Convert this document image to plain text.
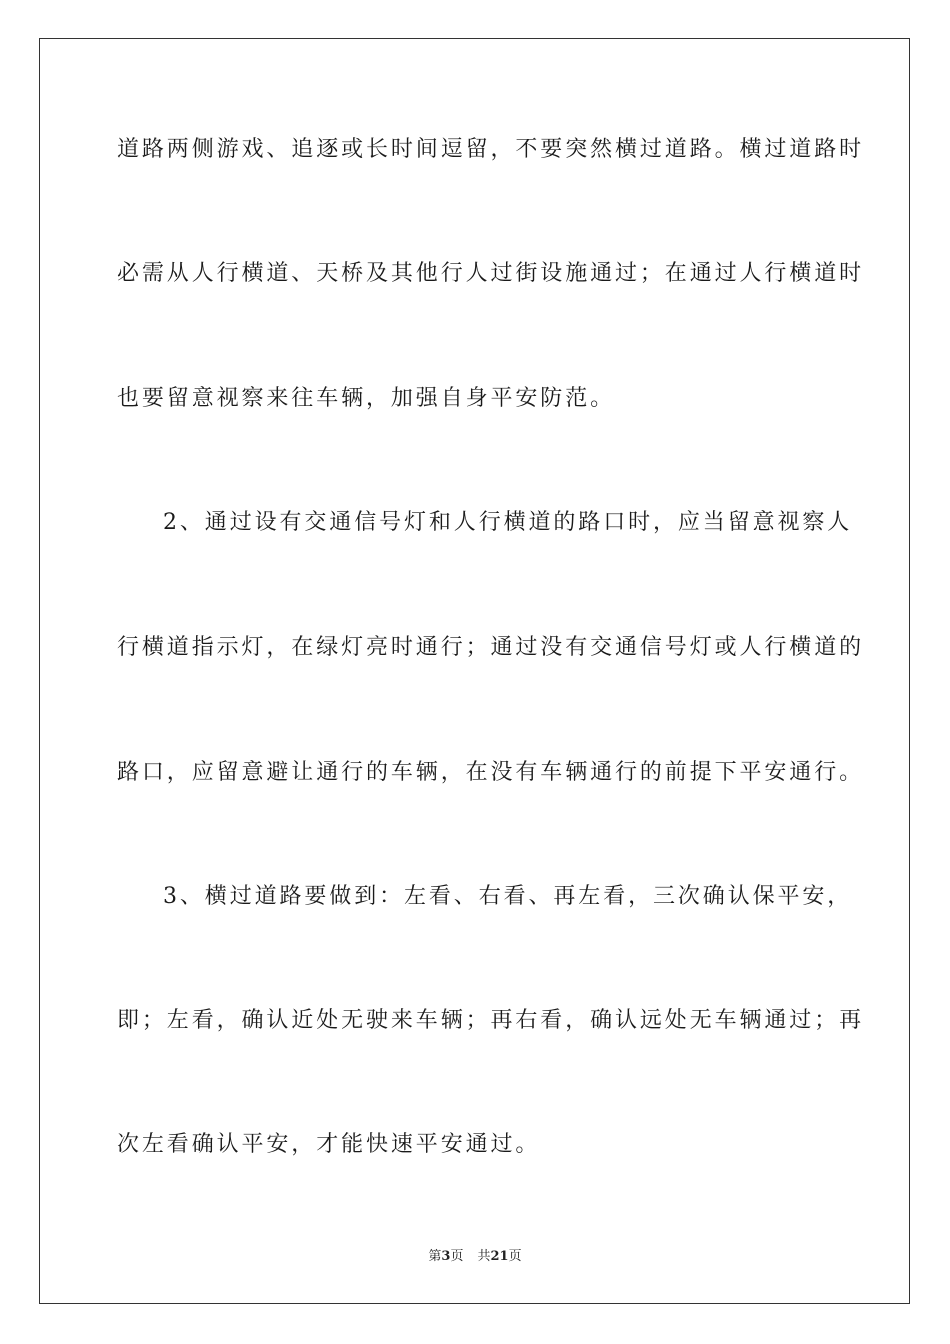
道路两侧游戏、追逐或长时间逗留，不要突然横过道路。横过道路时
必需从人行横道、天桥及其他行人过街设施通过；在通过人行横道时
也要留意视察来往车辆，加强自身平安防范。
2、通过设有交通信号灯和人行横道的路口时，应当留意视察人
行横道指示灯，在绿灯亮时通行；通过没有交通信号灯或人行横道的
路口，应留意避让通行的车辆，在没有车辆通行的前提下平安通行。
3、横过道路要做到：左看、右看、再左看，三次确认保平安，
即；左看，确认近处无驶来车辆；再右看，确认远处无车辆通过；再
次左看确认平安，才能快速平安通过。
第3页 共21页
